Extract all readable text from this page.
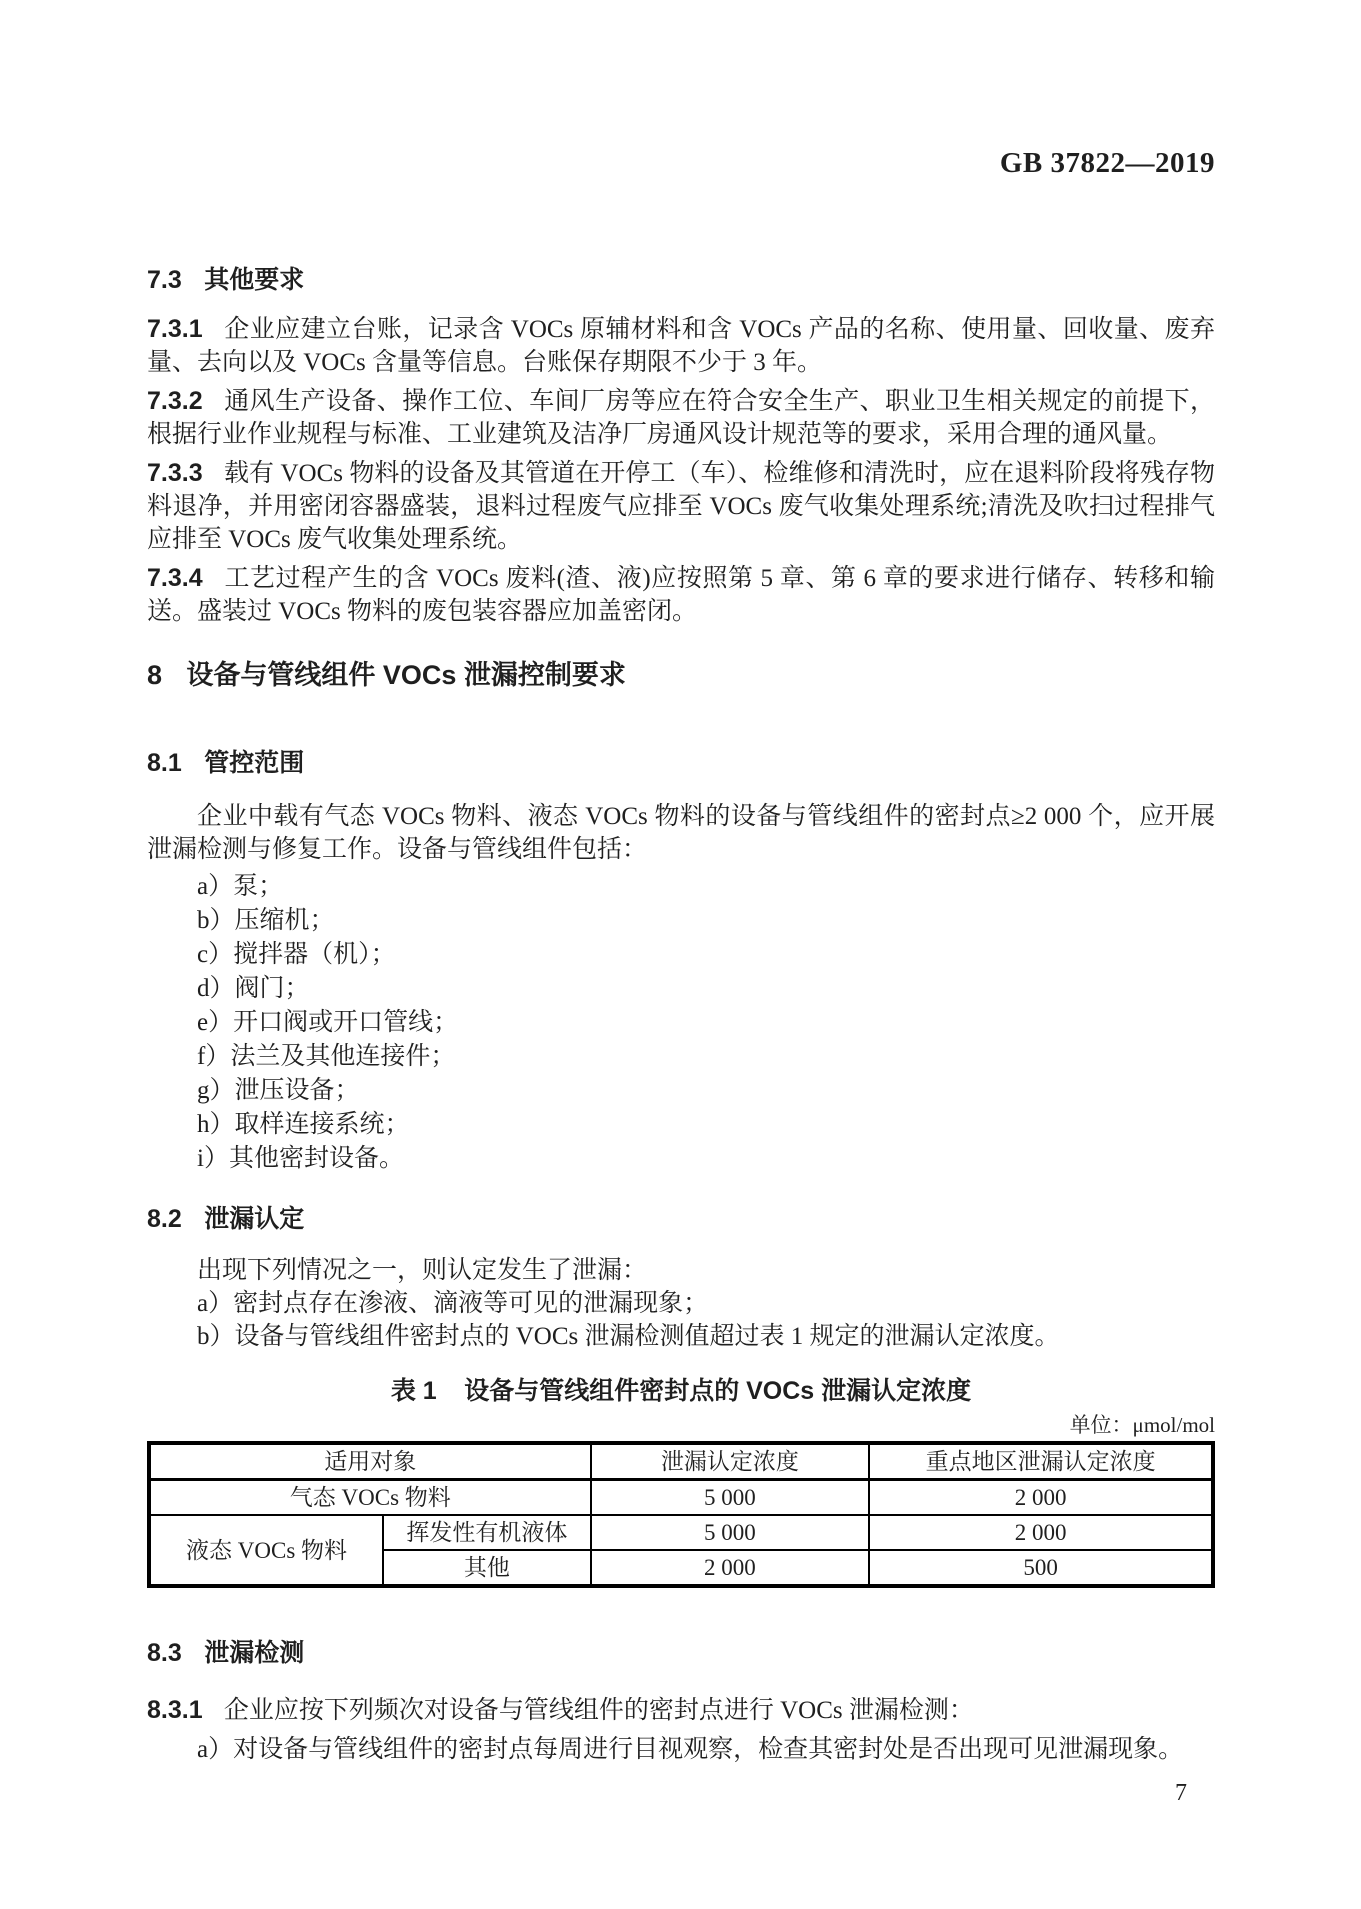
GB 37822—2019
7.3 其他要求

7.3.1 企业应建立台账，记录含 VOCs 原辅材料和含 VOCs 产品的名称、使用量、回收量、废弃量、去向以及 VOCs 含量等信息。台账保存期限不少于 3 年。

7.3.2 通风生产设备、操作工位、车间厂房等应在符合安全生产、职业卫生相关规定的前提下，根据行业作业规程与标准、工业建筑及洁净厂房通风设计规范等的要求，采用合理的通风量。

7.3.3 载有 VOCs 物料的设备及其管道在开停工（车）、检维修和清洗时，应在退料阶段将残存物料退净，并用密闭容器盛装，退料过程废气应排至 VOCs 废气收集处理系统;清洗及吹扫过程排气应排至 VOCs 废气收集处理系统。

7.3.4 工艺过程产生的含 VOCs 废料(渣、液)应按照第 5 章、第 6 章的要求进行储存、转移和输送。盛装过 VOCs 物料的废包装容器应加盖密闭。

8 设备与管线组件 VOCs 泄漏控制要求
8.1 管控范围

企业中载有气态 VOCs 物料、液态 VOCs 物料的设备与管线组件的密封点≥2 000 个，应开展泄漏检测与修复工作。设备与管线组件包括：

a）泵；
b）压缩机；
c）搅拌器（机）；
d）阀门；
e）开口阀或开口管线；
f）法兰及其他连接件；
g）泄压设备；
h）取样连接系统；
i）其他密封设备。
8.2 泄漏认定

出现下列情况之一，则认定发生了泄漏：

a）密封点存在渗液、滴液等可见的泄漏现象；

b）设备与管线组件密封点的 VOCs 泄漏检测值超过表 1 规定的泄漏认定浓度。

表 1 设备与管线组件密封点的 VOCs 泄漏认定浓度
单位：μmol/mol
适用对象		泄漏认定浓度	重点地区泄漏认定浓度
气态 VOCs 物料		5 000	2 000
液态 VOCs 物料	挥发性有机液体	5 000	2 000
	其他	2 000	500
8.3 泄漏检测

8.3.1 企业应按下列频次对设备与管线组件的密封点进行 VOCs 泄漏检测：

a）对设备与管线组件的密封点每周进行目视观察，检查其密封处是否出现可见泄漏现象。

7
